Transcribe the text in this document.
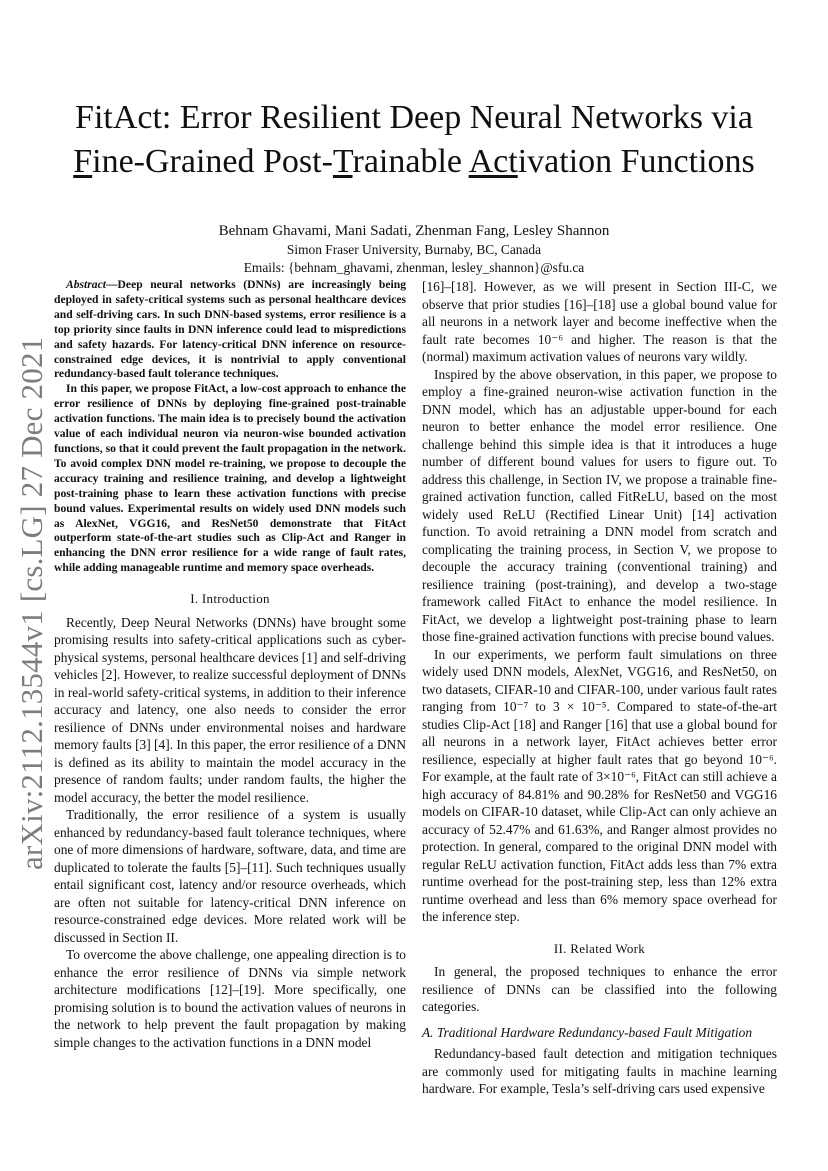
arXiv:2112.13544v1 [cs.LG] 27 Dec 2021
FitAct: Error Resilient Deep Neural Networks via
Fine-Grained Post-Trainable Activation Functions
Behnam Ghavami, Mani Sadati, Zhenman Fang, Lesley Shannon
Simon Fraser University, Burnaby, BC, Canada
Emails: {behnam_ghavami, zhenman, lesley_shannon}@sfu.ca

Abstract—Deep neural networks (DNNs) are increasingly being deployed in safety-critical systems such as personal healthcare devices and self-driving cars. In such DNN-based systems, error resilience is a top priority since faults in DNN inference could lead to mispredictions and safety hazards. For latency-critical DNN inference on resource-constrained edge devices, it is nontrivial to apply conventional redundancy-based fault tolerance techniques.

In this paper, we propose FitAct, a low-cost approach to enhance the error resilience of DNNs by deploying fine-grained post-trainable activation functions. The main idea is to precisely bound the activation value of each individual neuron via neuron-wise bounded activation functions, so that it could prevent the fault propagation in the network. To avoid complex DNN model re-training, we propose to decouple the accuracy training and resilience training, and develop a lightweight post-training phase to learn these activation functions with precise bound values. Experimental results on widely used DNN models such as AlexNet, VGG16, and ResNet50 demonstrate that FitAct outperform state-of-the-art studies such as Clip-Act and Ranger in enhancing the DNN error resilience for a wide range of fault rates, while adding manageable runtime and memory space overheads.

I. Introduction

Recently, Deep Neural Networks (DNNs) have brought some promising results into safety-critical applications such as cyber-physical systems, personal healthcare devices [1] and self-driving vehicles [2]. However, to realize successful deployment of DNNs in real-world safety-critical systems, in addition to their inference accuracy and latency, one also needs to consider the error resilience of DNNs under environmental noises and hardware memory faults [3] [4]. In this paper, the error resilience of a DNN is defined as its ability to maintain the model accuracy in the presence of random faults; under random faults, the higher the model accuracy, the better the model resilience.

Traditionally, the error resilience of a system is usually enhanced by redundancy-based fault tolerance techniques, where one of more dimensions of hardware, software, data, and time are duplicated to tolerate the faults [5]–[11]. Such techniques usually entail significant cost, latency and/or resource overheads, which are often not suitable for latency-critical DNN inference on resource-constrained edge devices. More related work will be discussed in Section II.

To overcome the above challenge, one appealing direction is to enhance the error resilience of DNNs via simple network architecture modifications [12]–[19]. More specifically, one promising solution is to bound the activation values of neurons in the network to help prevent the fault propagation by making simple changes to the activation functions in a DNN model

[16]–[18]. However, as we will present in Section III-C, we observe that prior studies [16]–[18] use a global bound value for all neurons in a network layer and become ineffective when the fault rate becomes 10⁻⁶ and higher. The reason is that the (normal) maximum activation values of neurons vary wildly.

Inspired by the above observation, in this paper, we propose to employ a fine-grained neuron-wise activation function in the DNN model, which has an adjustable upper-bound for each neuron to better enhance the model error resilience. One challenge behind this simple idea is that it introduces a huge number of different bound values for users to figure out. To address this challenge, in Section IV, we propose a trainable fine-grained activation function, called FitReLU, based on the most widely used ReLU (Rectified Linear Unit) [14] activation function. To avoid retraining a DNN model from scratch and complicating the training process, in Section V, we propose to decouple the accuracy training (conventional training) and resilience training (post-training), and develop a two-stage framework called FitAct to enhance the model resilience. In FitAct, we develop a lightweight post-training phase to learn those fine-grained activation functions with precise bound values.

In our experiments, we perform fault simulations on three widely used DNN models, AlexNet, VGG16, and ResNet50, on two datasets, CIFAR-10 and CIFAR-100, under various fault rates ranging from 10⁻⁷ to 3 × 10⁻⁵. Compared to state-of-the-art studies Clip-Act [18] and Ranger [16] that use a global bound for all neurons in a network layer, FitAct achieves better error resilience, especially at higher fault rates that go beyond 10⁻⁶. For example, at the fault rate of 3×10⁻⁶, FitAct can still achieve a high accuracy of 84.81% and 90.28% for ResNet50 and VGG16 models on CIFAR-10 dataset, while Clip-Act can only achieve an accuracy of 52.47% and 61.63%, and Ranger almost provides no protection. In general, compared to the original DNN model with regular ReLU activation function, FitAct adds less than 7% extra runtime overhead for the post-training step, less than 12% extra runtime overhead and less than 6% memory space overhead for the inference step.

II. Related Work

In general, the proposed techniques to enhance the error resilience of DNNs can be classified into the following categories.

A. Traditional Hardware Redundancy-based Fault Mitigation

Redundancy-based fault detection and mitigation techniques are commonly used for mitigating faults in machine learning hardware. For example, Tesla’s self-driving cars used expensive
